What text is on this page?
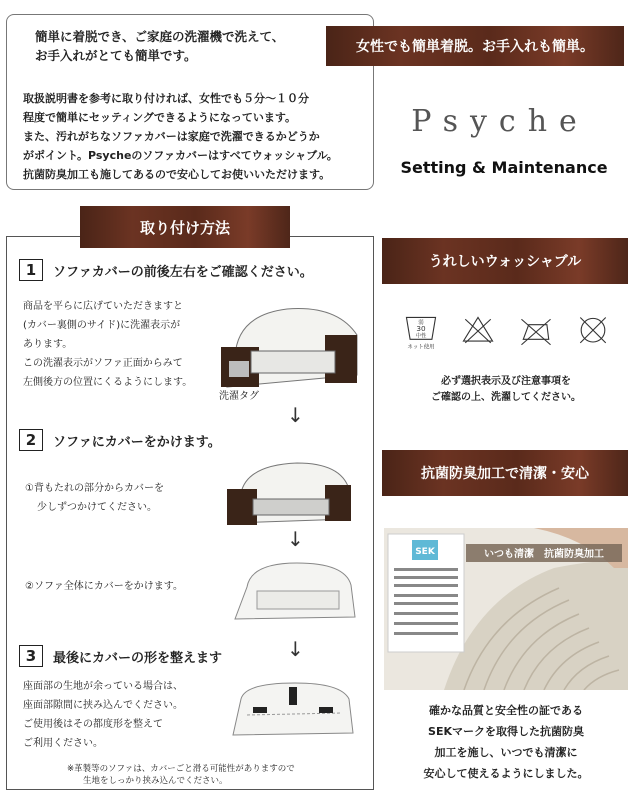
簡単に着脱でき、ご家庭の洗濯機で洗えて、
お手入れがとても簡単です。
取扱説明書を参考に取り付ければ、女性でも５分〜１０分
程度で簡単にセッティングできるようになっています。
また、汚れがちなソファカバーは家庭で洗濯できるかどうか
がポイント。Psycheのソファカバーはすべてウォッシャブル。
抗菌防臭加工も施してあるので安心してお使いいただけます。
女性でも簡単着脱。お手入れも簡単。
Psyche
Setting & Maintenance
1	ソファカバーの前後左右をご確認ください。
商品を平らに広げていただきますと
(カバー裏側のサイド)に洗濯表示が
あります。
この洗濯表示がソファ正面からみて
左側後方の位置にくるようにします。
洗濯タグ
↓
2	ソファにカバーをかけます。
①背もたれの部分からカバーを
少しずつかけてください。
↓
②ソファ全体にカバーをかけます。
↓
3	最後にカバーの形を整えます
座面部の生地が余っている場合は、
座面部隙間に挟み込んでください。
ご使用後はその都度形を整えて
ご利用ください。
※革製等のソファは、カバーごと滑る可能性がありますので
生地をしっかり挟み込んでください。
取り付け方法
うれしいウォッシャブル
弱
30
中性
ネット使用
必ず選択表示及び注意事項を
ご確認の上、洗濯してください。
抗菌防臭加工で清潔・安心
SEK	いつも清潔　抗菌防臭加工
確かな品質と安全性の証である
SEKマークを取得した抗菌防臭
加工を施し、いつでも清潔に
安心して使えるようにしました。
